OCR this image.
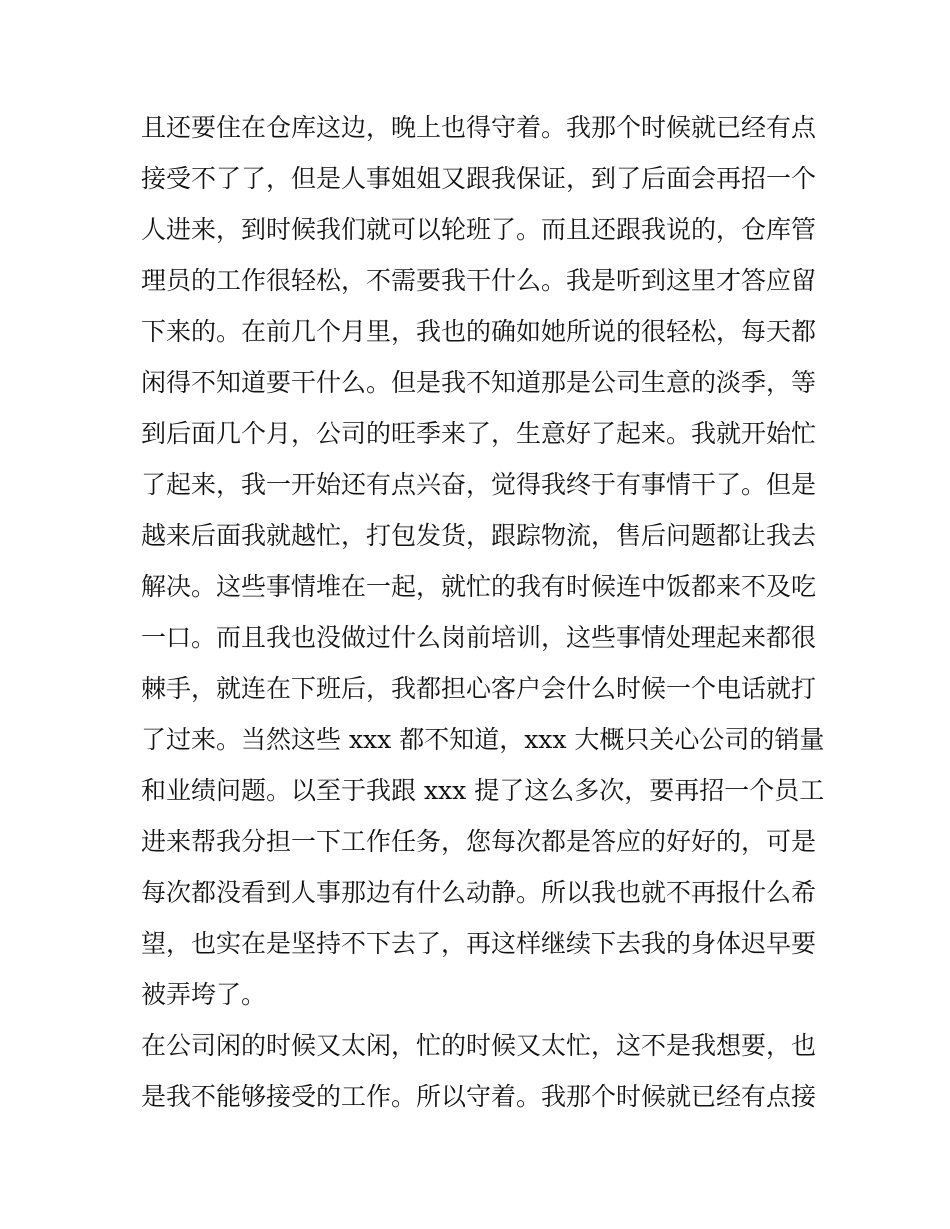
且还要住在仓库这边，晚上也得守着。我那个时候就已经有点
接受不了了，但是人事姐姐又跟我保证，到了后面会再招一个
人进来，到时候我们就可以轮班了。而且还跟我说的，仓库管
理员的工作很轻松，不需要我干什么。我是听到这里才答应留
下来的。在前几个月里，我也的确如她所说的很轻松，每天都
闲得不知道要干什么。但是我不知道那是公司生意的淡季，等
到后面几个月，公司的旺季来了，生意好了起来。我就开始忙
了起来，我一开始还有点兴奋，觉得我终于有事情干了。但是
越来后面我就越忙，打包发货，跟踪物流，售后问题都让我去
解决。这些事情堆在一起，就忙的我有时候连中饭都来不及吃
一口。而且我也没做过什么岗前培训，这些事情处理起来都很
棘手，就连在下班后，我都担心客户会什么时候一个电话就打
了过来。当然这些 xxx 都不知道，xxx 大概只关心公司的销量
和业绩问题。以至于我跟 xxx 提了这么多次，要再招一个员工
进来帮我分担一下工作任务，您每次都是答应的好好的，可是
每次都没看到人事那边有什么动静。所以我也就不再报什么希
望，也实在是坚持不下去了，再这样继续下去我的身体迟早要
被弄垮了。
在公司闲的时候又太闲，忙的时候又太忙，这不是我想要，也
是我不能够接受的工作。所以守着。我那个时候就已经有点接
